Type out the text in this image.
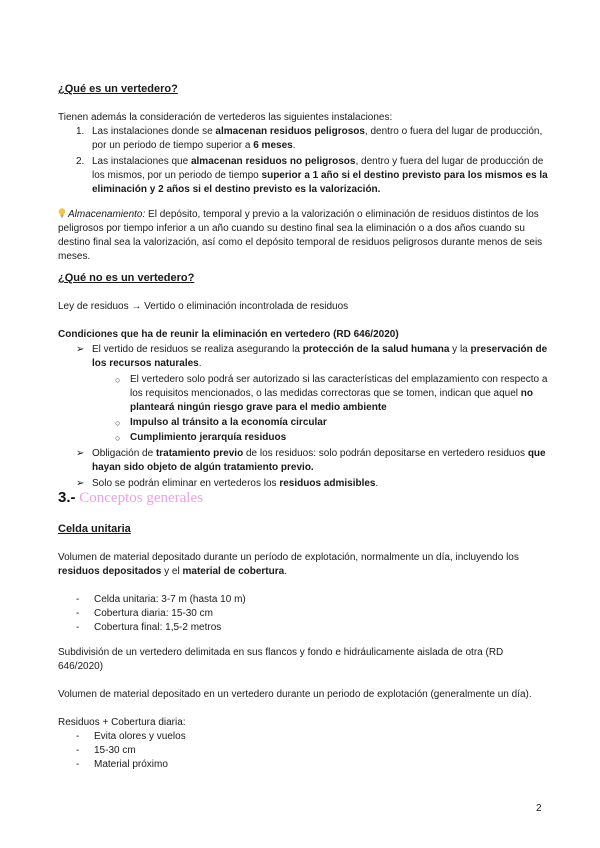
¿Qué es un vertedero?
Tienen además la consideración de vertederos las siguientes instalaciones:
1. Las instalaciones donde se almacenan residuos peligrosos, dentro o fuera del lugar de producción, por un periodo de tiempo superior a 6 meses.
2. Las instalaciones que almacenan residuos no peligrosos, dentro y fuera del lugar de producción de los mismos, por un periodo de tiempo superior a 1 año si el destino previsto para los mismos es la eliminación y 2 años si el destino previsto es la valorización.
Almacenamiento: El depósito, temporal y previo a la valorización o eliminación de residuos distintos de los peligrosos por tiempo inferior a un año cuando su destino final sea la eliminación o a dos años cuando su destino final sea la valorización, así como el depósito temporal de residuos peligrosos durante menos de seis meses.
¿Qué no es un vertedero?
Ley de residuos → Vertido o eliminación incontrolada de residuos
Condiciones que ha de reunir la eliminación en vertedero (RD 646/2020)
➢ El vertido de residuos se realiza asegurando la protección de la salud humana y la preservación de los recursos naturales.
○ El vertedero solo podrá ser autorizado si las características del emplazamiento con respecto a los requisitos mencionados, o las medidas correctoras que se tomen, indican que aquel no planteará ningún riesgo grave para el medio ambiente
○ Impulso al tránsito a la economía circular
○ Cumplimiento jerarquía residuos
➢ Obligación de tratamiento previo de los residuos: solo podrán depositarse en vertedero residuos que hayan sido objeto de algún tratamiento previo.
➢ Solo se podrán eliminar en vertederos los residuos admisibles.
3.- Conceptos generales
Celda unitaria
Volumen de material depositado durante un período de explotación, normalmente un día, incluyendo los residuos depositados y el material de cobertura.
- Celda unitaria: 3-7 m (hasta 10 m)
- Cobertura diaria: 15-30 cm
- Cobertura final: 1,5-2 metros
Subdivisión de un vertedero delimitada en sus flancos y fondo e hidráulicamente aislada de otra (RD 646/2020)
Volumen de material depositado en un vertedero durante un periodo de explotación (generalmente un día).
Residuos + Cobertura diaria:
- Evita olores y vuelos
- 15-30 cm
- Material próximo
2
